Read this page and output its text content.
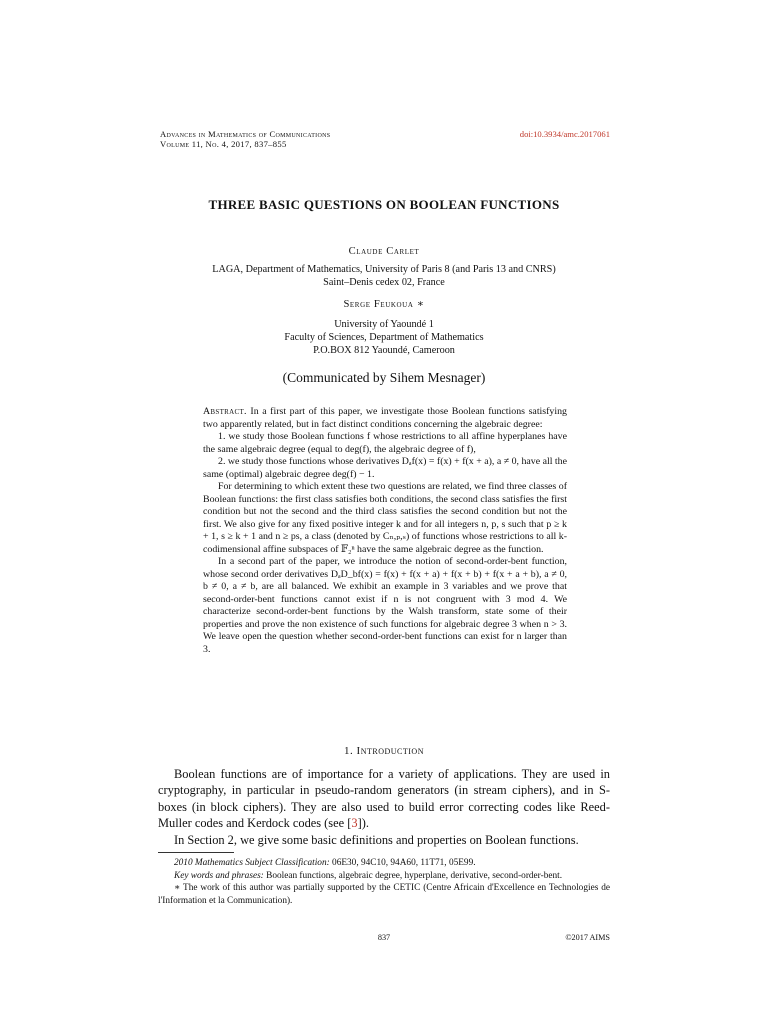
Advances in Mathematics of Communications
Volume 11, No. 4, 2017, 837–855
doi:10.3934/amc.2017061
THREE BASIC QUESTIONS ON BOOLEAN FUNCTIONS
Claude Carlet
LAGA, Department of Mathematics, University of Paris 8 (and Paris 13 and CNRS)
Saint–Denis cedex 02, France
Serge Feukoua ∗
University of Yaoundé 1
Faculty of Sciences, Department of Mathematics
P.O.BOX 812 Yaoundé, Cameroon
(Communicated by Sihem Mesnager)

Abstract. In a first part of this paper, we investigate those Boolean functions satisfying two apparently related, but in fact distinct conditions concerning the algebraic degree:

1. we study those Boolean functions f whose restrictions to all affine hyperplanes have the same algebraic degree (equal to deg(f), the algebraic degree of f),

2. we study those functions whose derivatives Dₐf(x) = f(x) + f(x + a), a ≠ 0, have all the same (optimal) algebraic degree deg(f) − 1.

For determining to which extent these two questions are related, we find three classes of Boolean functions: the first class satisfies both conditions, the second class satisfies the first condition but not the second and the third class satisfies the second condition but not the first. We also give for any fixed positive integer k and for all integers n, p, s such that p ≥ k + 1, s ≥ k + 1 and n ≥ ps, a class (denoted by Cₙ,ₚ,ₛ) of functions whose restrictions to all k-codimensional affine subspaces of 𝔽₂ⁿ have the same algebraic degree as the function.

In a second part of the paper, we introduce the notion of second-order-bent function, whose second order derivatives DₐD_bf(x) = f(x) + f(x + a) + f(x + b) + f(x + a + b), a ≠ 0, b ≠ 0, a ≠ b, are all balanced. We exhibit an example in 3 variables and we prove that second-order-bent functions cannot exist if n is not congruent with 3 mod 4. We characterize second-order-bent functions by the Walsh transform, state some of their properties and prove the non existence of such functions for algebraic degree 3 when n > 3. We leave open the question whether second-order-bent functions can exist for n larger than 3.

1. Introduction

Boolean functions are of importance for a variety of applications. They are used in cryptography, in particular in pseudo-random generators (in stream ciphers), and in S-boxes (in block ciphers). They are also used to build error correcting codes like Reed-Muller codes and Kerdock codes (see [3]).

In Section 2, we give some basic definitions and properties on Boolean functions.

2010 Mathematics Subject Classification: 06E30, 94C10, 94A60, 11T71, 05E99.

Key words and phrases: Boolean functions, algebraic degree, hyperplane, derivative, second-order-bent.

∗ The work of this author was partially supported by the CETIC (Centre Africain d'Excellence en Technologies de l'Information et la Communication).

837	©2017 AIMS
